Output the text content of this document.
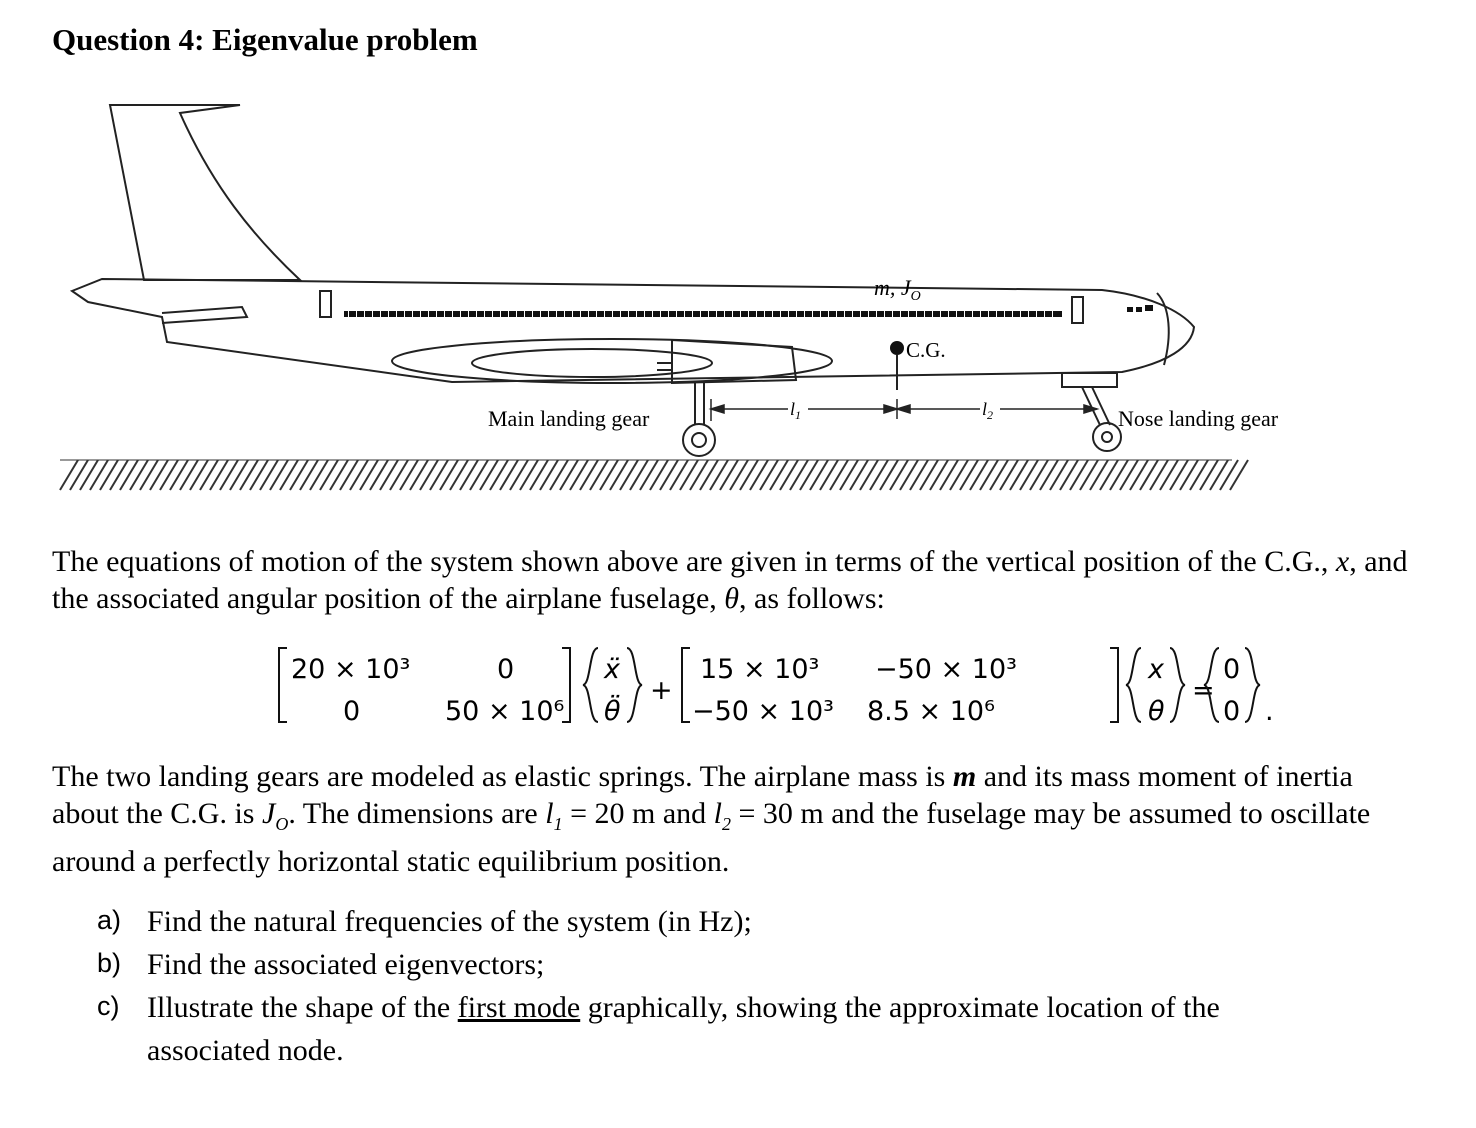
Question 4: Eigenvalue problem
C.G.
m, $J_O$
$l_1$	$l_2$
Main landing gear	Nose landing gear
The equations of motion of the system shown above are given in terms of the vertical position of the C.G., x, and the associated angular position of the airplane fuselage, θ, as follows:
20 × 10³	0
0	50 × 10⁶
ẍ
θ̈
+
15 × 10³ −50 × 10³
−50 × 10³ 8.5 × 10⁶
x
θ
=
0
0 .
The two landing gears are modeled as elastic springs. The airplane mass is m and its mass moment of inertia about the C.G. is $J_O$. The dimensions are $l_1 = 20$ m and $l_2 = 30$ m and the fuselage may be assumed to oscillate around a perfectly horizontal static equilibrium position.
a) Find the natural frequencies of the system (in Hz);
b) Find the associated eigenvectors;
c) Illustrate the shape of the first mode graphically, showing the approximate location of the
associated node.
